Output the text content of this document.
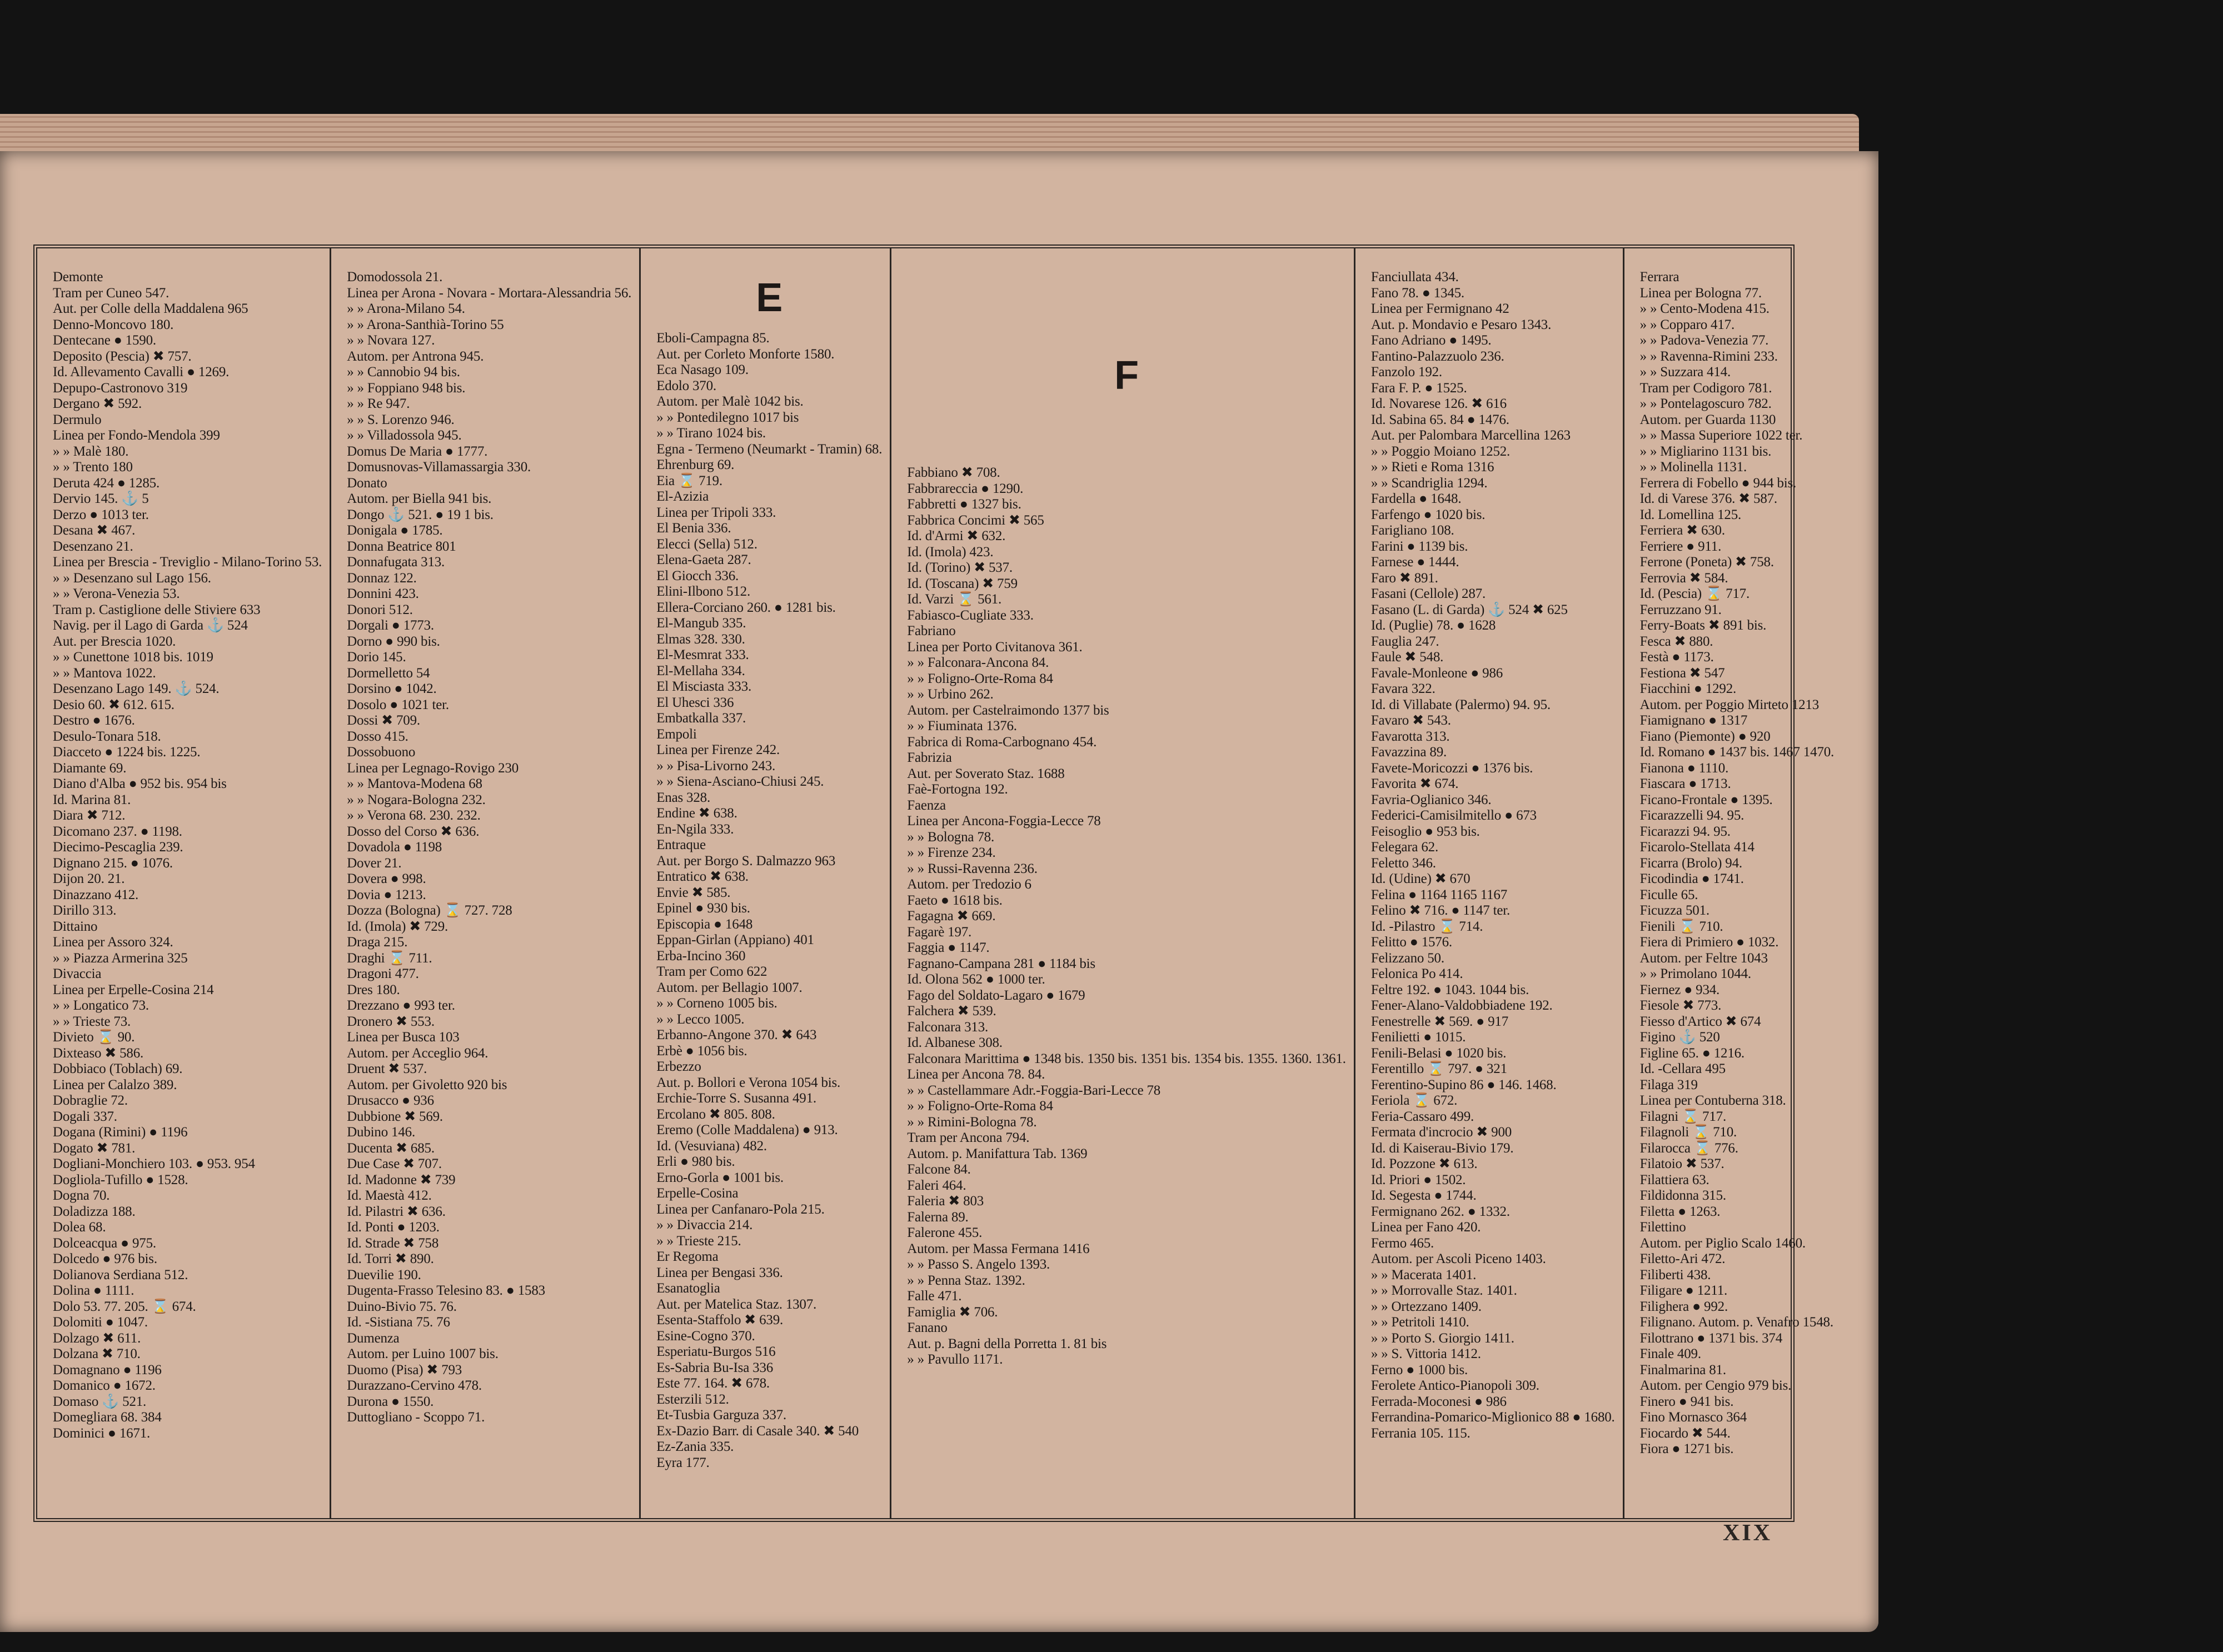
Demonte
Tram per Cuneo 547.
Aut. per Colle della Maddalena 965
Denno-Moncovo 180.
Dentecane ● 1590.
Deposito (Pescia) ✖ 757.
Id. Allevamento Cavalli ● 1269.
Depupo-Castronovo 319
Dergano ✖ 592.
Dermulo
Linea per Fondo-Mendola 399
» » Malè 180.
» » Trento 180
Deruta 424 ● 1285.
Dervio 145. ⚓ 5
Derzo ● 1013 ter.
Desana ✖ 467.
Desenzano 21.
Linea per Brescia - Treviglio - Milano-Torino 53.
» » Desenzano sul Lago 156.
» » Verona-Venezia 53.
Tram p. Castiglione delle Stiviere 633
Navig. per il Lago di Garda ⚓ 524
Aut. per Brescia 1020.
» » Cunettone 1018 bis. 1019
» » Mantova 1022.
Desenzano Lago 149. ⚓ 524.
Desio 60. ✖ 612. 615.
Destro ● 1676.
Desulo-Tonara 518.
Diacceto ● 1224 bis. 1225.
Diamante 69.
Diano d'Alba ● 952 bis. 954 bis
Id. Marina 81.
Diara ✖ 712.
Dicomano 237. ● 1198.
Diecimo-Pescaglia 239.
Dignano 215. ● 1076.
Dijon 20. 21.
Dinazzano 412.
Dirillo 313.
Dittaino
Linea per Assoro 324.
» » Piazza Armerina 325
Divaccia
Linea per Erpelle-Cosina 214
» » Longatico 73.
» » Trieste 73.
Divieto ⌛ 90.
Dixteaso ✖ 586.
Dobbiaco (Toblach) 69.
Linea per Calalzo 389.
Dobraglie 72.
Dogali 337.
Dogana (Rimini) ● 1196
Dogato ✖ 781.
Dogliani-Monchiero 103. ● 953. 954
Dogliola-Tufillo ● 1528.
Dogna 70.
Doladizza 188.
Dolea 68.
Dolceacqua ● 975.
Dolcedo ● 976 bis.
Dolianova Serdiana 512.
Dolina ● 1111.
Dolo 53. 77. 205. ⌛ 674.
Dolomiti ● 1047.
Dolzago ✖ 611.
Dolzana ✖ 710.
Domagnano ● 1196
Domanico ● 1672.
Domaso ⚓ 521.
Domegliara 68. 384
Dominici ● 1671.
Domodossola 21.
Linea per Arona - Novara - Mortara-Alessandria 56.
» » Arona-Milano 54.
» » Arona-Santhià-Torino 55
» » Novara 127.
Autom. per Antrona 945.
» » Cannobio 94 bis.
» » Foppiano 948 bis.
» » Re 947.
» » S. Lorenzo 946.
» » Villadossola 945.
Domus De Maria ● 1777.
Domusnovas-Villamassargia 330.
Donato
Autom. per Biella 941 bis.
Dongo ⚓ 521. ● 19 1 bis.
Donigala ● 1785.
Donna Beatrice 801
Donnafugata 313.
Donnaz 122.
Donnini 423.
Donori 512.
Dorgali ● 1773.
Dorno ● 990 bis.
Dorio 145.
Dormelletto 54
Dorsino ● 1042.
Dosolo ● 1021 ter.
Dossi ✖ 709.
Dosso 415.
Dossobuono
Linea per Legnago-Rovigo 230
» » Mantova-Modena 68
» » Nogara-Bologna 232.
» » Verona 68. 230. 232.
Dosso del Corso ✖ 636.
Dovadola ● 1198
Dover 21.
Dovera ● 998.
Dovia ● 1213.
Dozza (Bologna) ⌛ 727. 728
Id. (Imola) ✖ 729.
Draga 215.
Draghi ⌛ 711.
Dragoni 477.
Dres 180.
Drezzano ● 993 ter.
Dronero ✖ 553.
Linea per Busca 103
Autom. per Acceglio 964.
Druent ✖ 537.
Autom. per Givoletto 920 bis
Drusacco ● 936
Dubbione ✖ 569.
Dubino 146.
Ducenta ✖ 685.
Due Case ✖ 707.
Id. Madonne ✖ 739
Id. Maestà 412.
Id. Pilastri ✖ 636.
Id. Ponti ● 1203.
Id. Strade ✖ 758
Id. Torri ✖ 890.
Duevilie 190.
Dugenta-Frasso Telesino 83. ● 1583
Duino-Bivio 75. 76.
Id. -Sistiana 75. 76
Dumenza
Autom. per Luino 1007 bis.
Duomo (Pisa) ✖ 793
Durazzano-Cervino 478.
Durona ● 1550.
Duttogliano - Scoppo 71.
E
Eboli-Campagna 85.
Aut. per Corleto Monforte 1580.
Eca Nasago 109.
Edolo 370.
Autom. per Malè 1042 bis.
» » Pontedilegno 1017 bis
» » Tirano 1024 bis.
Egna - Termeno (Neumarkt - Tramin) 68.
Ehrenburg 69.
Eia ⌛ 719.
El-Azizia
Linea per Tripoli 333.
El Benia 336.
Elecci (Sella) 512.
Elena-Gaeta 287.
El Giocch 336.
Elini-Ilbono 512.
Ellera-Corciano 260. ● 1281 bis.
El-Mangub 335.
Elmas 328. 330.
El-Mesmrat 333.
El-Mellaha 334.
El Misciasta 333.
El Uhesci 336
Embatkalla 337.
Empoli
Linea per Firenze 242.
» » Pisa-Livorno 243.
» » Siena-Asciano-Chiusi 245.
Enas 328.
Endine ✖ 638.
En-Ngila 333.
Entraque
Aut. per Borgo S. Dalmazzo 963
Entratico ✖ 638.
Envie ✖ 585.
Epinel ● 930 bis.
Episcopia ● 1648
Eppan-Girlan (Appiano) 401
Erba-Incino 360
Tram per Como 622
Autom. per Bellagio 1007.
» » Corneno 1005 bis.
» » Lecco 1005.
Erbanno-Angone 370. ✖ 643
Erbè ● 1056 bis.
Erbezzo
Aut. p. Bollori e Verona 1054 bis.
Erchie-Torre S. Susanna 491.
Ercolano ✖ 805. 808.
Eremo (Colle Maddalena) ● 913.
Id. (Vesuviana) 482.
Erli ● 980 bis.
Erno-Gorla ● 1001 bis.
Erpelle-Cosina
Linea per Canfanaro-Pola 215.
» » Divaccia 214.
» » Trieste 215.
Er Regoma
Linea per Bengasi 336.
Esanatoglia
Aut. per Matelica Staz. 1307.
Esenta-Staffolo ✖ 639.
Esine-Cogno 370.
Esperiatu-Burgos 516
Es-Sabria Bu-Isa 336
Este 77. 164. ✖ 678.
Esterzili 512.
Et-Tusbia Garguza 337.
Ex-Dazio Barr. di Casale 340. ✖ 540
Ez-Zania 335.
Eyra 177.
F
Fabbiano ✖ 708.
Fabbrareccia ● 1290.
Fabbretti ● 1327 bis.
Fabbrica Concimi ✖ 565
Id. d'Armi ✖ 632.
Id. (Imola) 423.
Id. (Torino) ✖ 537.
Id. (Toscana) ✖ 759
Id. Varzi ⌛ 561.
Fabiasco-Cugliate 333.
Fabriano
Linea per Porto Civitanova 361.
» » Falconara-Ancona 84.
» » Foligno-Orte-Roma 84
» » Urbino 262.
Autom. per Castelraimondo 1377 bis
» » Fiuminata 1376.
Fabrica di Roma-Carbognano 454.
Fabrizia
Aut. per Soverato Staz. 1688
Faè-Fortogna 192.
Faenza
Linea per Ancona-Foggia-Lecce 78
» » Bologna 78.
» » Firenze 234.
» » Russi-Ravenna 236.
Autom. per Tredozio 6
Faeto ● 1618 bis.
Fagagna ✖ 669.
Fagarè 197.
Faggia ● 1147.
Fagnano-Campana 281 ● 1184 bis
Id. Olona 562 ● 1000 ter.
Fago del Soldato-Lagaro ● 1679
Falchera ✖ 539.
Falconara 313.
Id. Albanese 308.
Falconara Marittima ● 1348 bis. 1350 bis. 1351 bis. 1354 bis. 1355. 1360. 1361.
Linea per Ancona 78. 84.
» » Castellammare Adr.-Foggia-Bari-Lecce 78
» » Foligno-Orte-Roma 84
» » Rimini-Bologna 78.
Tram per Ancona 794.
Autom. p. Manifattura Tab. 1369
Falcone 84.
Faleri 464.
Faleria ✖ 803
Falerna 89.
Falerone 455.
Autom. per Massa Fermana 1416
» » Passo S. Angelo 1393.
» » Penna Staz. 1392.
Falle 471.
Famiglia ✖ 706.
Fanano
Aut. p. Bagni della Porretta 1. 81 bis
» » Pavullo 1171.
Fanciullata 434.
Fano 78. ● 1345.
Linea per Fermignano 42
Aut. p. Mondavio e Pesaro 1343.
Fano Adriano ● 1495.
Fantino-Palazzuolo 236.
Fanzolo 192.
Fara F. P. ● 1525.
Id. Novarese 126. ✖ 616
Id. Sabina 65. 84 ● 1476.
Aut. per Palombara Marcellina 1263
» » Poggio Moiano 1252.
» » Rieti e Roma 1316
» » Scandriglia 1294.
Fardella ● 1648.
Farfengo ● 1020 bis.
Farigliano 108.
Farini ● 1139 bis.
Farnese ● 1444.
Faro ✖ 891.
Fasani (Cellole) 287.
Fasano (L. di Garda) ⚓ 524 ✖ 625
Id. (Puglie) 78. ● 1628
Fauglia 247.
Faule ✖ 548.
Favale-Monleone ● 986
Favara 322.
Id. di Villabate (Palermo) 94. 95.
Favaro ✖ 543.
Favarotta 313.
Favazzina 89.
Favete-Moricozzi ● 1376 bis.
Favorita ✖ 674.
Favria-Oglianico 346.
Federici-Camisilmitello ● 673
Feisoglio ● 953 bis.
Felegara 62.
Feletto 346.
Id. (Udine) ✖ 670
Felina ● 1164 1165 1167
Felino ✖ 716. ● 1147 ter.
Id. -Pilastro ⌛ 714.
Felitto ● 1576.
Felizzano 50.
Felonica Po 414.
Feltre 192. ● 1043. 1044 bis.
Fener-Alano-Valdobbiadene 192.
Fenestrelle ✖ 569. ● 917
Fenilietti ● 1015.
Fenili-Belasi ● 1020 bis.
Ferentillo ⌛ 797. ● 321
Ferentino-Supino 86 ● 146. 1468.
Feriola ⌛ 672.
Feria-Cassaro 499.
Fermata d'incrocio ✖ 900
Id. di Kaiserau-Bivio 179.
Id. Pozzone ✖ 613.
Id. Priori ● 1502.
Id. Segesta ● 1744.
Fermignano 262. ● 1332.
Linea per Fano 420.
Fermo 465.
Autom. per Ascoli Piceno 1403.
» » Macerata 1401.
» » Morrovalle Staz. 1401.
» » Ortezzano 1409.
» » Petritoli 1410.
» » Porto S. Giorgio 1411.
» » S. Vittoria 1412.
Ferno ● 1000 bis.
Ferolete Antico-Pianopoli 309.
Ferrada-Moconesi ● 986
Ferrandina-Pomarico-Miglionico 88 ● 1680.
Ferrania 105. 115.
Ferrara
Linea per Bologna 77.
» » Cento-Modena 415.
» » Copparo 417.
» » Padova-Venezia 77.
» » Ravenna-Rimini 233.
» » Suzzara 414.
Tram per Codigoro 781.
» » Pontelagoscuro 782.
Autom. per Guarda 1130
» » Massa Superiore 1022 ter.
» » Migliarino 1131 bis.
» » Molinella 1131.
Ferrera di Fobello ● 944 bis.
Id. di Varese 376. ✖ 587.
Id. Lomellina 125.
Ferriera ✖ 630.
Ferriere ● 911.
Ferrone (Poneta) ✖ 758.
Ferrovia ✖ 584.
Id. (Pescia) ⌛ 717.
Ferruzzano 91.
Ferry-Boats ✖ 891 bis.
Fesca ✖ 880.
Festà ● 1173.
Festiona ✖ 547
Fiacchini ● 1292.
Autom. per Poggio Mirteto 1213
Fiamignano ● 1317
Fiano (Piemonte) ● 920
Id. Romano ● 1437 bis. 1467 1470.
Fianona ● 1110.
Fiascara ● 1713.
Ficano-Frontale ● 1395.
Ficarazzelli 94. 95.
Ficarazzi 94. 95.
Ficarolo-Stellata 414
Ficarra (Brolo) 94.
Ficodindia ● 1741.
Ficulle 65.
Ficuzza 501.
Fienili ⌛ 710.
Fiera di Primiero ● 1032.
Autom. per Feltre 1043
» » Primolano 1044.
Fiernez ● 934.
Fiesole ✖ 773.
Fiesso d'Artico ✖ 674
Figino ⚓ 520
Figline 65. ● 1216.
Id. -Cellara 495
Filaga 319
Linea per Contuberna 318.
Filagni ⌛ 717.
Filagnoli ⌛ 710.
Filarocca ⌛ 776.
Filatoio ✖ 537.
Filattiera 63.
Fildidonna 315.
Filetta ● 1263.
Filettino
Autom. per Piglio Scalo 1460.
Filetto-Ari 472.
Filiberti 438.
Filigare ● 1211.
Filighera ● 992.
Filignano. Autom. p. Venafro 1548.
Filottrano ● 1371 bis. 374
Finale 409.
Finalmarina 81.
Autom. per Cengio 979 bis.
Finero ● 941 bis.
Fino Mornasco 364
Fiocardo ✖ 544.
Fiora ● 1271 bis.
XIX
